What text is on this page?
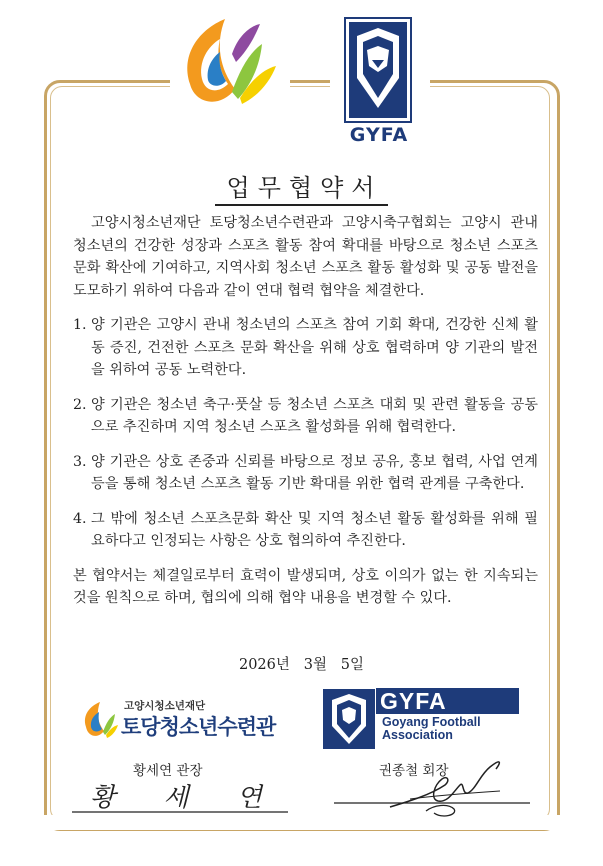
GYFA
업무협약서

고양시청소년재단 토당청소년수련관과 고양시축구협회는 고양시 관내 청소년의 건강한 성장과 스포츠 활동 참여 확대를 바탕으로 청소년 스포츠문화 확산에 기여하고, 지역사회 청소년 스포츠 활동 활성화 및 공동 발전을 도모하기 위하여 다음과 같이 연대 협력 협약을 체결한다.

1. 양 기관은 고양시 관내 청소년의 스포츠 참여 기회 확대, 건강한 신체 활동 증진, 건전한 스포츠 문화 확산을 위해 상호 협력하며 양 기관의 발전을 위하여 공동 노력한다.
2. 양 기관은 청소년 축구·풋살 등 청소년 스포츠 대회 및 관련 활동을 공동으로 추진하며 지역 청소년 스포츠 활성화를 위해 협력한다.
3. 양 기관은 상호 존중과 신뢰를 바탕으로 정보 공유, 홍보 협력, 사업 연계 등을 통해 청소년 스포츠 활동 기반 확대를 위한 협력 관계를 구축한다.
4. 그 밖에 청소년 스포츠문화 확산 및 지역 청소년 활동 활성화를 위해 필요하다고 인정되는 사항은 상호 협의하여 추진한다.

본 협약서는 체결일로부터 효력이 발생되며, 상호 이의가 없는 한 지속되는 것을 원칙으로 하며, 협의에 의해 협약 내용을 변경할 수 있다.

2026년   3월   5일
고양시청소년재단
토당청소년수련관
황세연 관장
황 세 연
GYFA
Goyang Football
Association
권종철 회장
